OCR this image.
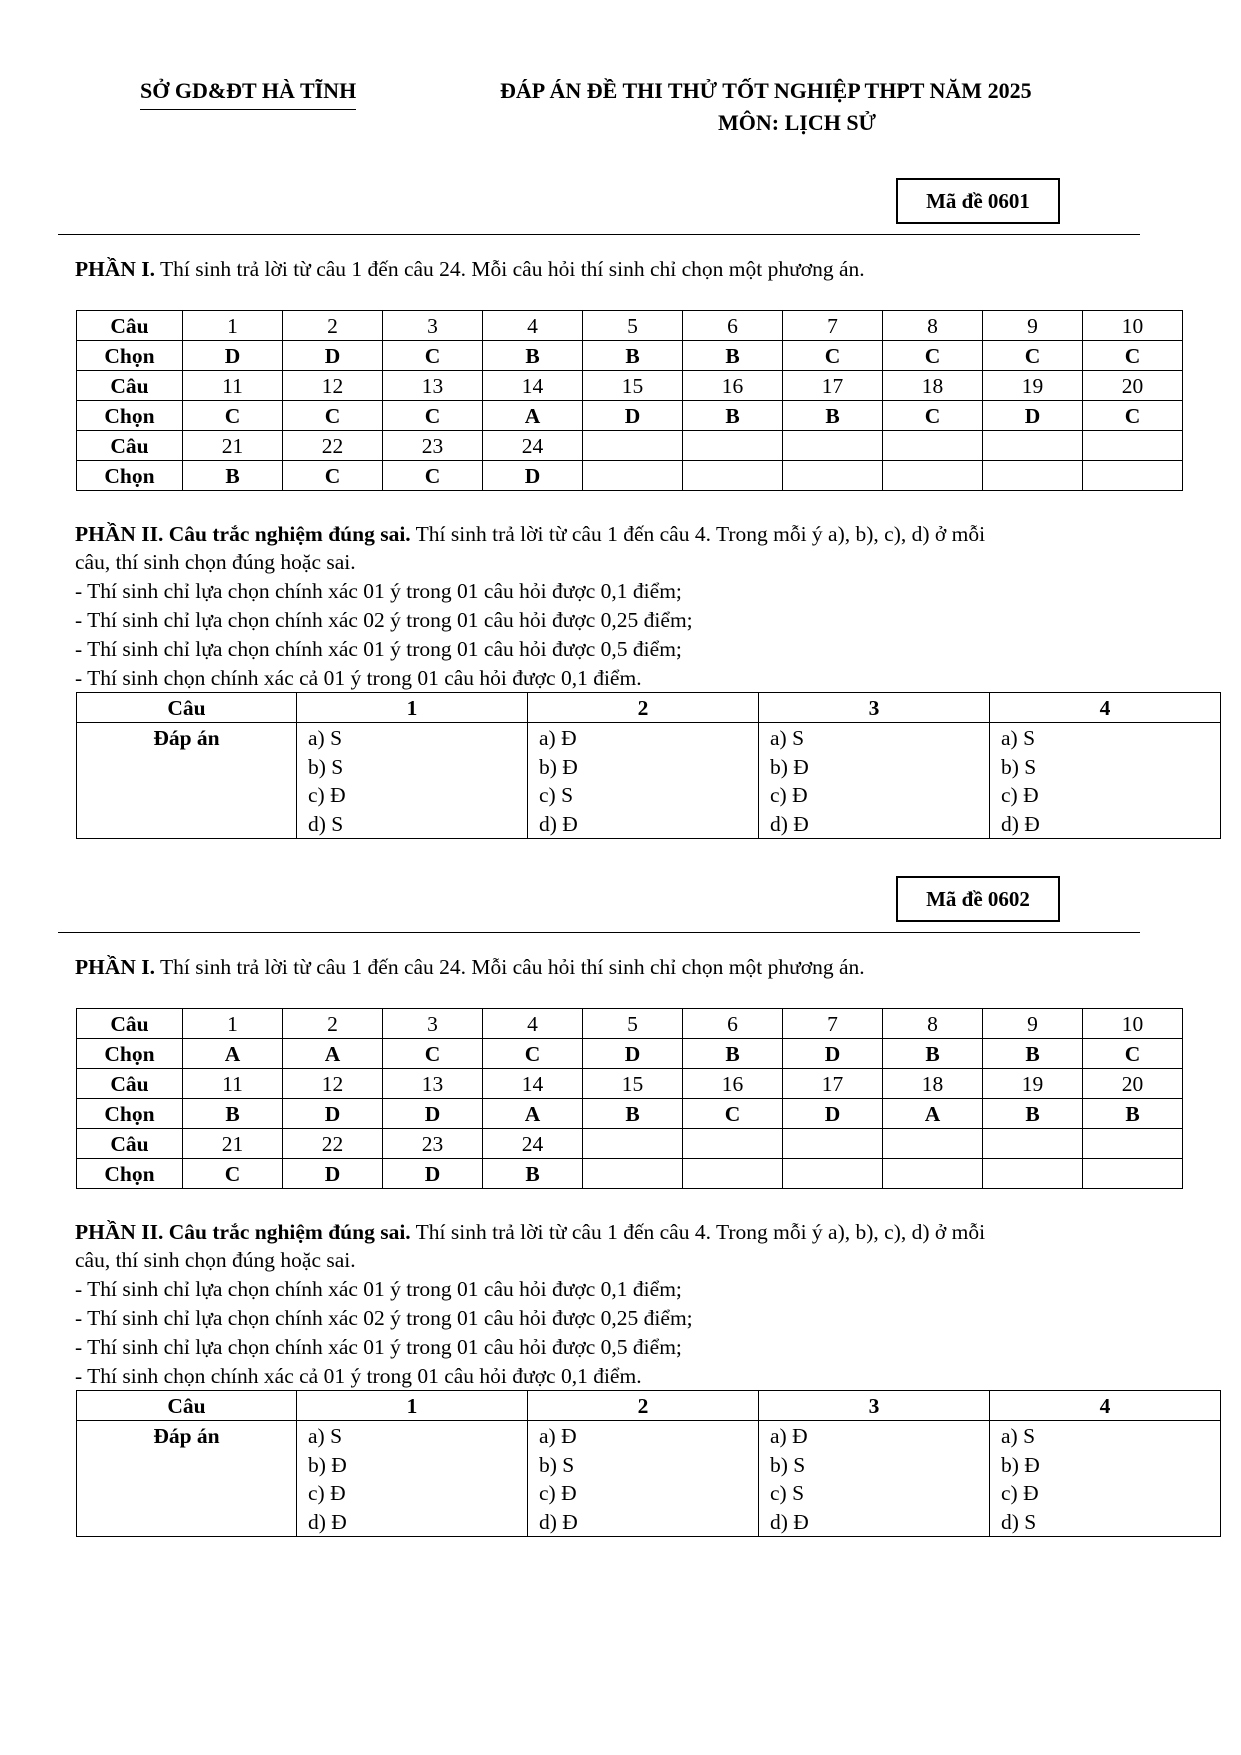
SỞ GD&ĐT HÀ TĨNH	ĐÁP ÁN ĐỀ THI THỬ TỐT NGHIỆP THPT NĂM 2025
MÔN: LỊCH SỬ
Mã đề 0601
PHẦN I. Thí sinh trả lời từ câu 1 đến câu 24. Mỗi câu hỏi thí sinh chỉ chọn một phương án.
Câu	1	2	3	4	5	6	7	8	9	10
Chọn	D	D	C	B	B	B	C	C	C	C
Câu	11	12	13	14	15	16	17	18	19	20
Chọn	C	C	C	A	D	B	B	C	D	C
Câu	21	22	23	24						
Chọn	B	C	C	D						
PHẦN II. Câu trắc nghiệm đúng sai. Thí sinh trả lời từ câu 1 đến câu 4. Trong mỗi ý a), b), c), d) ở mỗi
câu, thí sinh chọn đúng hoặc sai.
- Thí sinh chỉ lựa chọn chính xác 01 ý trong 01 câu hỏi được 0,1 điểm;
- Thí sinh chỉ lựa chọn chính xác 02 ý trong 01 câu hỏi được 0,25 điểm;
- Thí sinh chỉ lựa chọn chính xác 01 ý trong 01 câu hỏi được 0,5 điểm;
- Thí sinh chọn chính xác cả 01 ý trong 01 câu hỏi được 0,1 điểm.
Câu	1	2	3	4
Đáp án	a) S
b) S
c) Đ
d) S	a) Đ
b) Đ
c) S
d) Đ	a) S
b) Đ
c) Đ
d) Đ	a) S
b) S
c) Đ
d) Đ
Mã đề 0602
PHẦN I. Thí sinh trả lời từ câu 1 đến câu 24. Mỗi câu hỏi thí sinh chỉ chọn một phương án.
Câu	1	2	3	4	5	6	7	8	9	10
Chọn	A	A	C	C	D	B	D	B	B	C
Câu	11	12	13	14	15	16	17	18	19	20
Chọn	B	D	D	A	B	C	D	A	B	B
Câu	21	22	23	24						
Chọn	C	D	D	B						
PHẦN II. Câu trắc nghiệm đúng sai. Thí sinh trả lời từ câu 1 đến câu 4. Trong mỗi ý a), b), c), d) ở mỗi
câu, thí sinh chọn đúng hoặc sai.
- Thí sinh chỉ lựa chọn chính xác 01 ý trong 01 câu hỏi được 0,1 điểm;
- Thí sinh chỉ lựa chọn chính xác 02 ý trong 01 câu hỏi được 0,25 điểm;
- Thí sinh chỉ lựa chọn chính xác 01 ý trong 01 câu hỏi được 0,5 điểm;
- Thí sinh chọn chính xác cả 01 ý trong 01 câu hỏi được 0,1 điểm.
Câu	1	2	3	4
Đáp án	a) S
b) Đ
c) Đ
d) Đ	a) Đ
b) S
c) Đ
d) Đ	a) Đ
b) S
c) S
d) Đ	a) S
b) Đ
c) Đ
d) S
